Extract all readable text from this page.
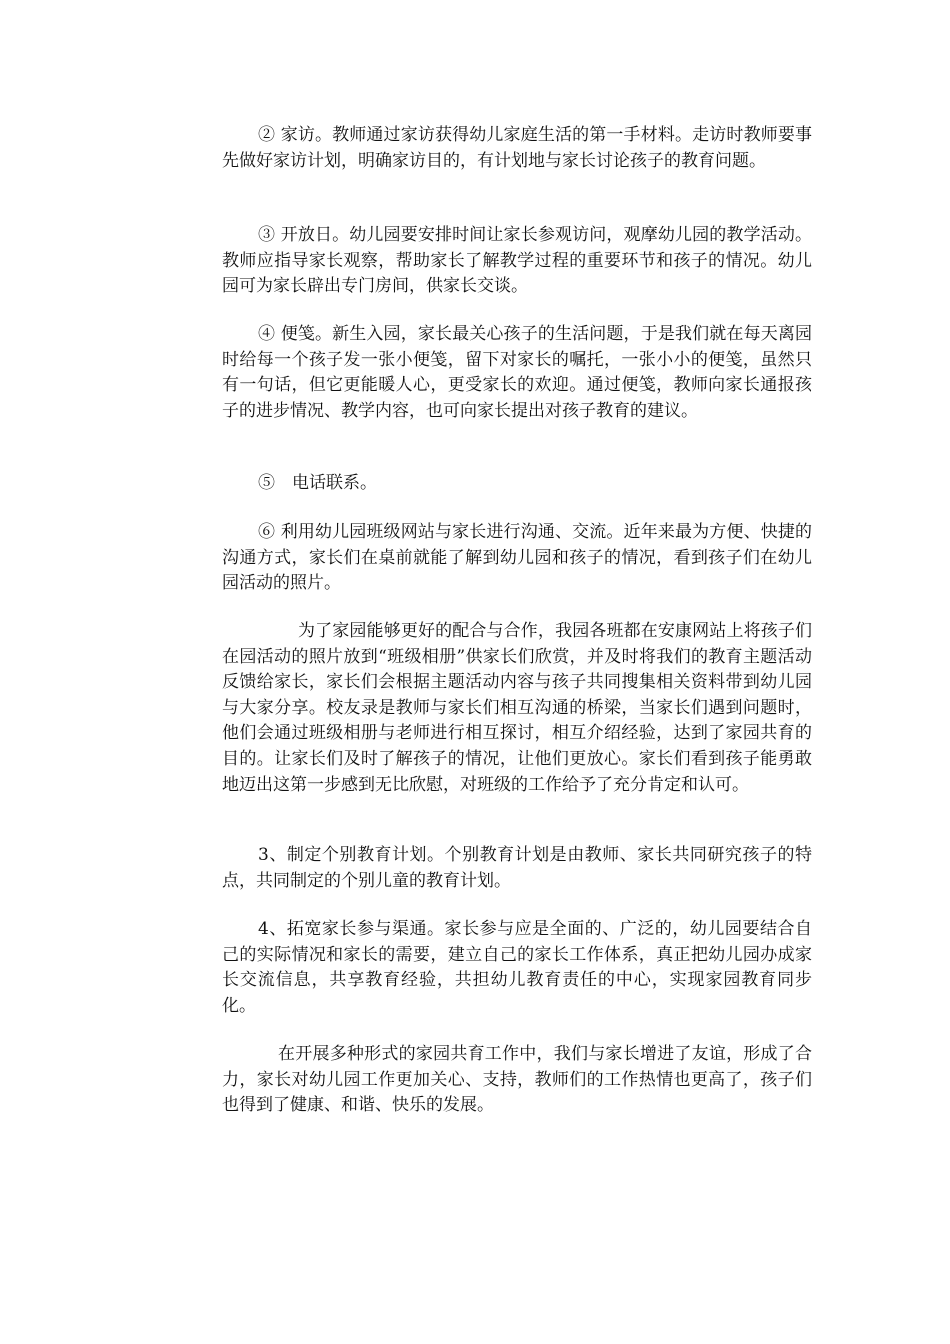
② 家访。教师通过家访获得幼儿家庭生活的第一手材料。走访时教师要事先做好家访计划，明确家访目的，有计划地与家长讨论孩子的教育问题。

③ 开放日。幼儿园要安排时间让家长参观访问，观摩幼儿园的教学活动。教师应指导家长观察，帮助家长了解教学过程的重要环节和孩子的情况。幼儿园可为家长辟出专门房间，供家长交谈。

④ 便笺。新生入园，家长最关心孩子的生活问题，于是我们就在每天离园时给每一个孩子发一张小便笺，留下对家长的嘱托，一张小小的便笺，虽然只有一句话，但它更能暖人心，更受家长的欢迎。通过便笺，教师向家长通报孩子的进步情况、教学内容，也可向家长提出对孩子教育的建议。

⑤　电话联系。

⑥ 利用幼儿园班级网站与家长进行沟通、交流。近年来最为方便、快捷的沟通方式，家长们在桌前就能了解到幼儿园和孩子的情况，看到孩子们在幼儿园活动的照片。

为了家园能够更好的配合与合作，我园各班都在安康网站上将孩子们在园活动的照片放到“班级相册”供家长们欣赏，并及时将我们的教育主题活动反馈给家长，家长们会根据主题活动内容与孩子共同搜集相关资料带到幼儿园与大家分享。校友录是教师与家长们相互沟通的桥梁，当家长们遇到问题时，他们会通过班级相册与老师进行相互探讨，相互介绍经验，达到了家园共育的目的。让家长们及时了解孩子的情况，让他们更放心。家长们看到孩子能勇敢地迈出这第一步感到无比欣慰，对班级的工作给予了充分肯定和认可。

3、制定个别教育计划。个别教育计划是由教师、家长共同研究孩子的特点，共同制定的个别儿童的教育计划。

4、拓宽家长参与渠通。家长参与应是全面的、广泛的，幼儿园要结合自己的实际情况和家长的需要，建立自己的家长工作体系，真正把幼儿园办成家长交流信息，共享教育经验，共担幼儿教育责任的中心，实现家园教育同步化。

在开展多种形式的家园共育工作中，我们与家长增进了友谊，形成了合力，家长对幼儿园工作更加关心、支持，教师们的工作热情也更高了，孩子们也得到了健康、和谐、快乐的发展。
